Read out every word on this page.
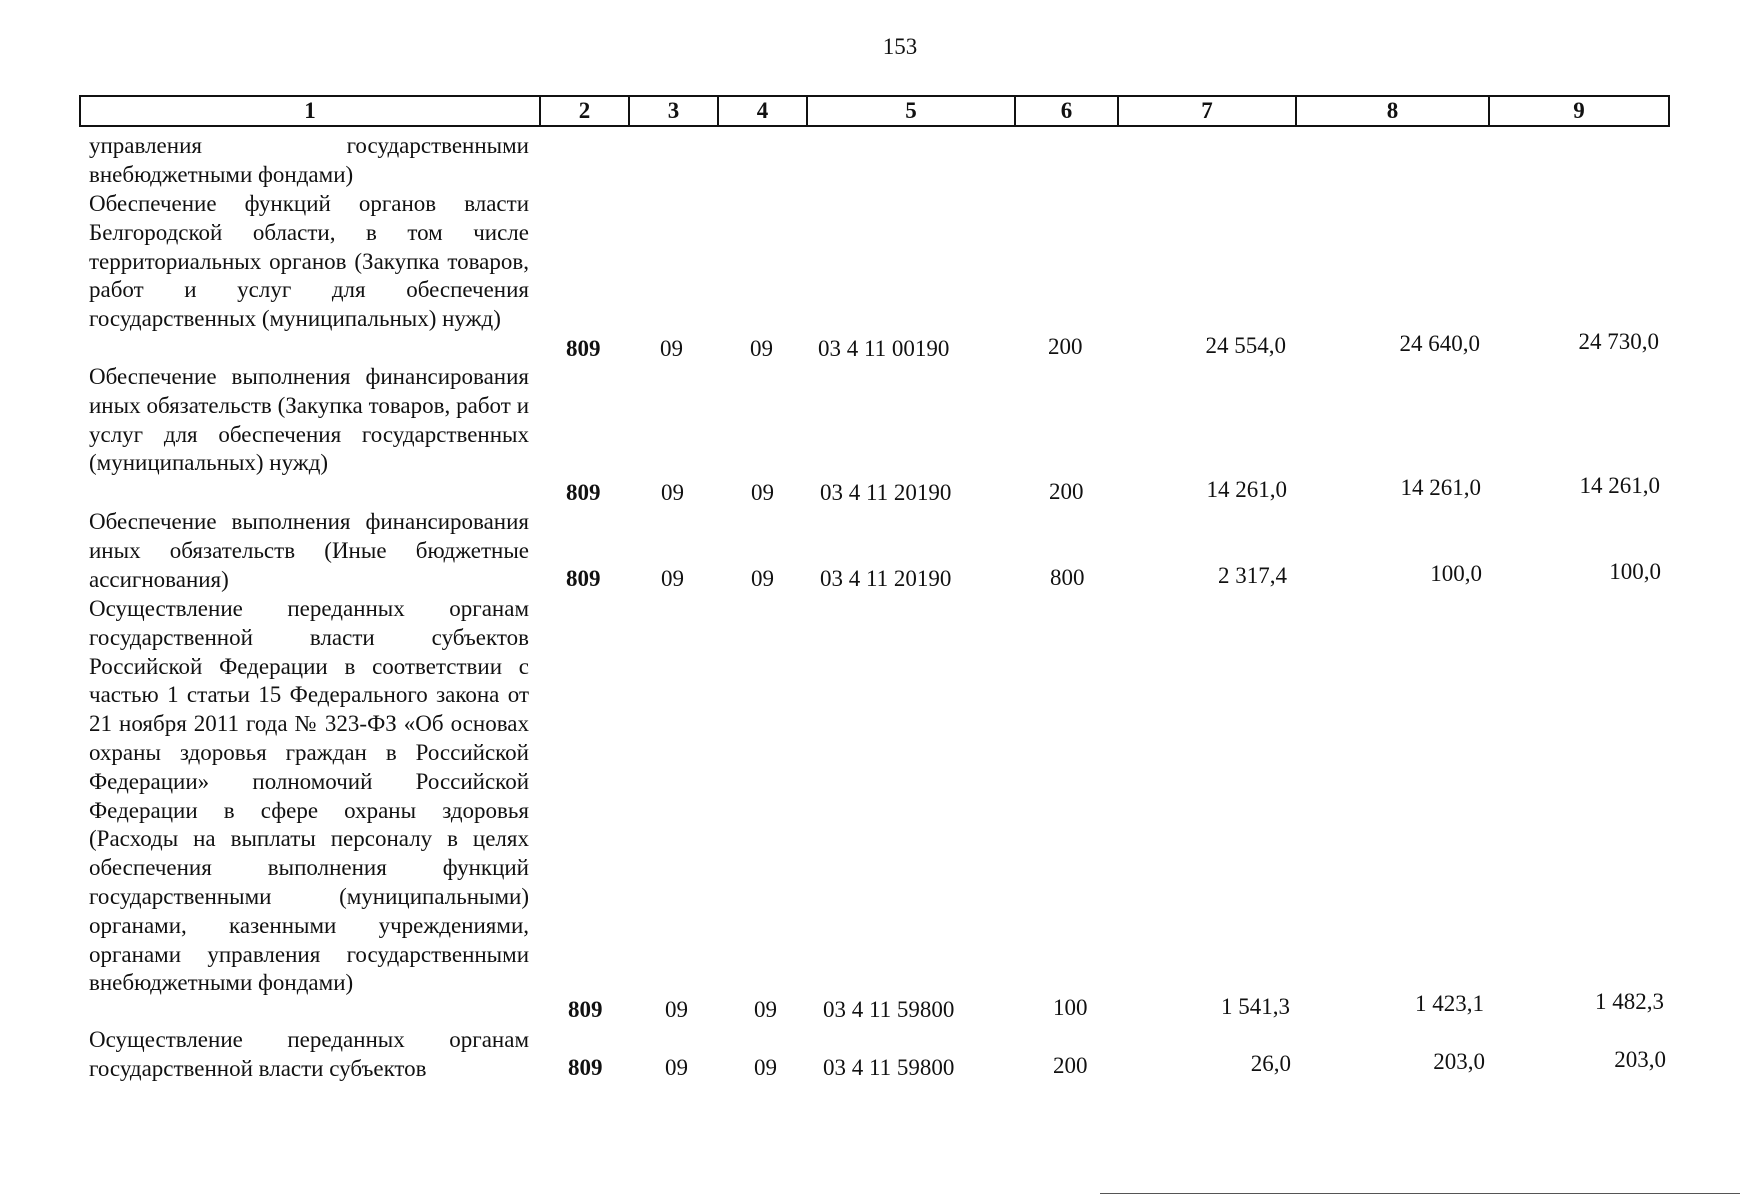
153
1	2	3	4	5	6	7	8	9
управления государственными внебюджетными фондами)
Обеспечение функций органов власти Белгородской области, в том числе территориальных органов (Закупка товаров, работ и услуг для обеспечения государственных (муниципальных) нужд)
809	09	09 03 4 11 00190	200	24 554,0	24 640,0	24 730,0
Обеспечение выполнения финансирования иных обязательств (Закупка товаров, работ и услуг для обеспечения государственных (муниципальных) нужд)
809	09	09 03 4 11 20190	200	14 261,0	14 261,0	14 261,0
Обеспечение выполнения финансирования иных обязательств (Иные бюджетные ассигнования)	809	09	09 03 4 11 20190	800	2 317,4	100,0	100,0
Осуществление переданных органам государственной власти субъектов Российской Федерации в соответствии с частью 1 статьи 15 Федерального закона от 21 ноября 2011 года № 323-ФЗ «Об основах охраны здоровья граждан в Российской Федерации» полномочий Российской Федерации в сфере охраны здоровья (Расходы на выплаты персоналу в целях обеспечения выполнения функций государственными (муниципальными) органами, казенными учреждениями, органами управления государственными внебюджетными фондами)
809	09	09 03 4 11 59800	100	1 541,3	1 423,1	1 482,3
Осуществление переданных органам государственной власти субъектов	809	09	09 03 4 11 59800	200	26,0	203,0	203,0
